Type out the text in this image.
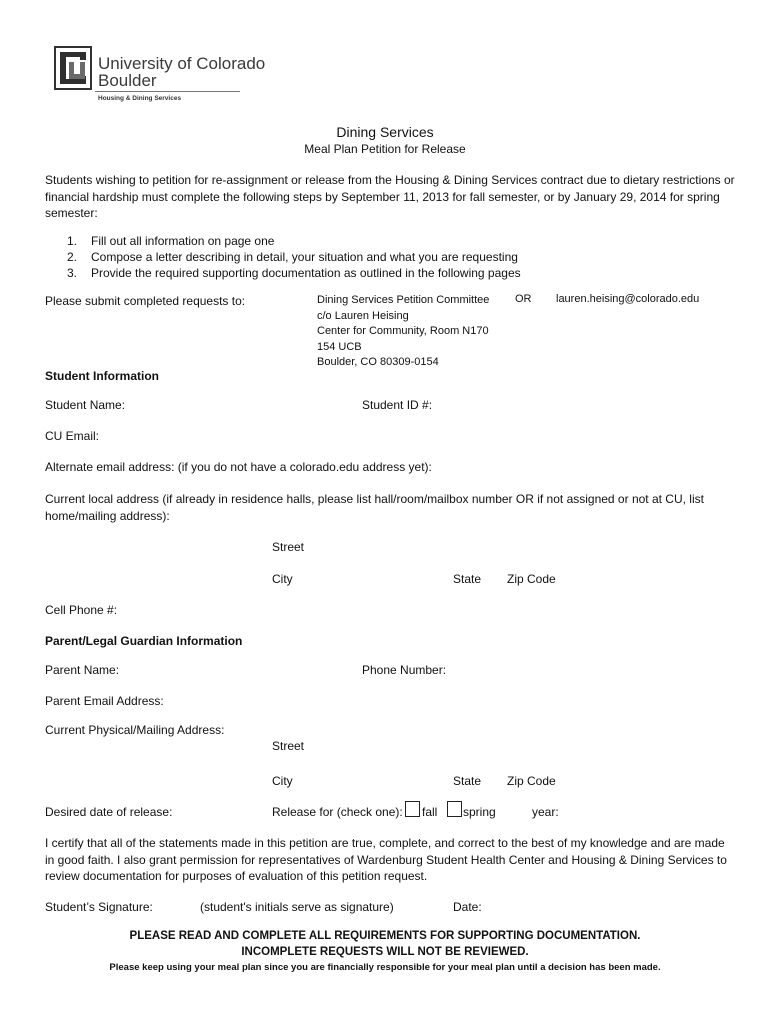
University of Colorado
Boulder
Housing & Dining Services
Dining Services
Meal Plan Petition for Release
Students wishing to petition for re-assignment or release from the Housing & Dining Services contract due to dietary restrictions or financial hardship must complete the following steps by September 11, 2013 for fall semester, or by January 29, 2014 for spring semester:
1. Fill out all information on page one
2. Compose a letter describing in detail, your situation and what you are requesting
3. Provide the required supporting documentation as outlined in the following pages
Please submit completed requests to:	Dining Services Petition Committee
c/o Lauren Heising
Center for Community, Room N170
154 UCB
Boulder, CO 80309-0154
OR lauren.heising@colorado.edu
Student Information
Student Name:	Student ID #:
CU Email:
Alternate email address: (if you do not have a colorado.edu address yet):
Current local address (if already in residence halls, please list hall/room/mailbox number OR if not assigned or not at CU, list home/mailing address):
Street
City	State Zip Code
Cell Phone #:
Parent/Legal Guardian Information
Parent Name:	Phone Number:
Parent Email Address:
Current Physical/Mailing Address:
Street
City	State Zip Code
Desired date of release:	Release for (check one): fall spring	year:
I certify that all of the statements made in this petition are true, complete, and correct to the best of my knowledge and are made in good faith. I also grant permission for representatives of Wardenburg Student Health Center and Housing & Dining Services to review documentation for purposes of evaluation of this petition request.
Student’s Signature:	(student's initials serve as signature)	Date:
PLEASE READ AND COMPLETE ALL REQUIREMENTS FOR SUPPORTING DOCUMENTATION.
INCOMPLETE REQUESTS WILL NOT BE REVIEWED.
Please keep using your meal plan since you are financially responsible for your meal plan until a decision has been made.
